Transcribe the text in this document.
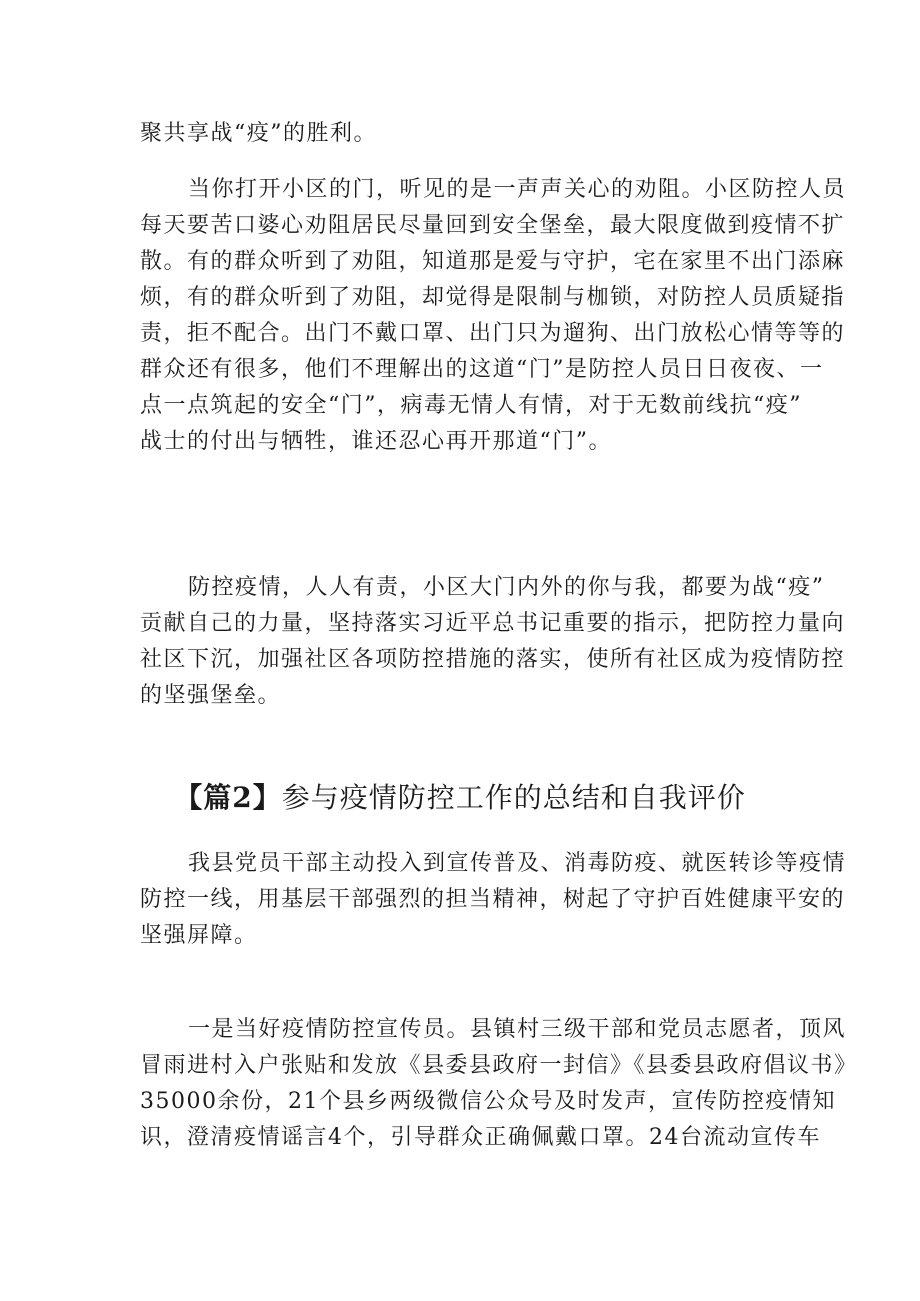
聚共享战“疫”的胜利。
当你打开小区的门，听见的是一声声关心的劝阻。小区防控人员
每天要苦口婆心劝阻居民尽量回到安全堡垒，最大限度做到疫情不扩
散。有的群众听到了劝阻，知道那是爱与守护，宅在家里不出门添麻
烦，有的群众听到了劝阻，却觉得是限制与枷锁，对防控人员质疑指
责，拒不配合。出门不戴口罩、出门只为遛狗、出门放松心情等等的
群众还有很多，他们不理解出的这道“门”是防控人员日日夜夜、一
点一点筑起的安全“门”，病毒无情人有情，对于无数前线抗“疫”
战士的付出与牺牲，谁还忍心再开那道“门”。
防控疫情，人人有责，小区大门内外的你与我，都要为战“疫”
贡献自己的力量，坚持落实习近平总书记重要的指示，把防控力量向
社区下沉，加强社区各项防控措施的落实，使所有社区成为疫情防控
的坚强堡垒。
【篇2】参与疫情防控工作的总结和自我评价
我县党员干部主动投入到宣传普及、消毒防疫、就医转诊等疫情
防控一线，用基层干部强烈的担当精神，树起了守护百姓健康平安的
坚强屏障。
一是当好疫情防控宣传员。县镇村三级干部和党员志愿者，顶风
冒雨进村入户张贴和发放《县委县政府一封信》《县委县政府倡议书》
35000余份，21个县乡两级微信公众号及时发声，宣传防控疫情知
识，澄清疫情谣言4个，引导群众正确佩戴口罩。24台流动宣传车
